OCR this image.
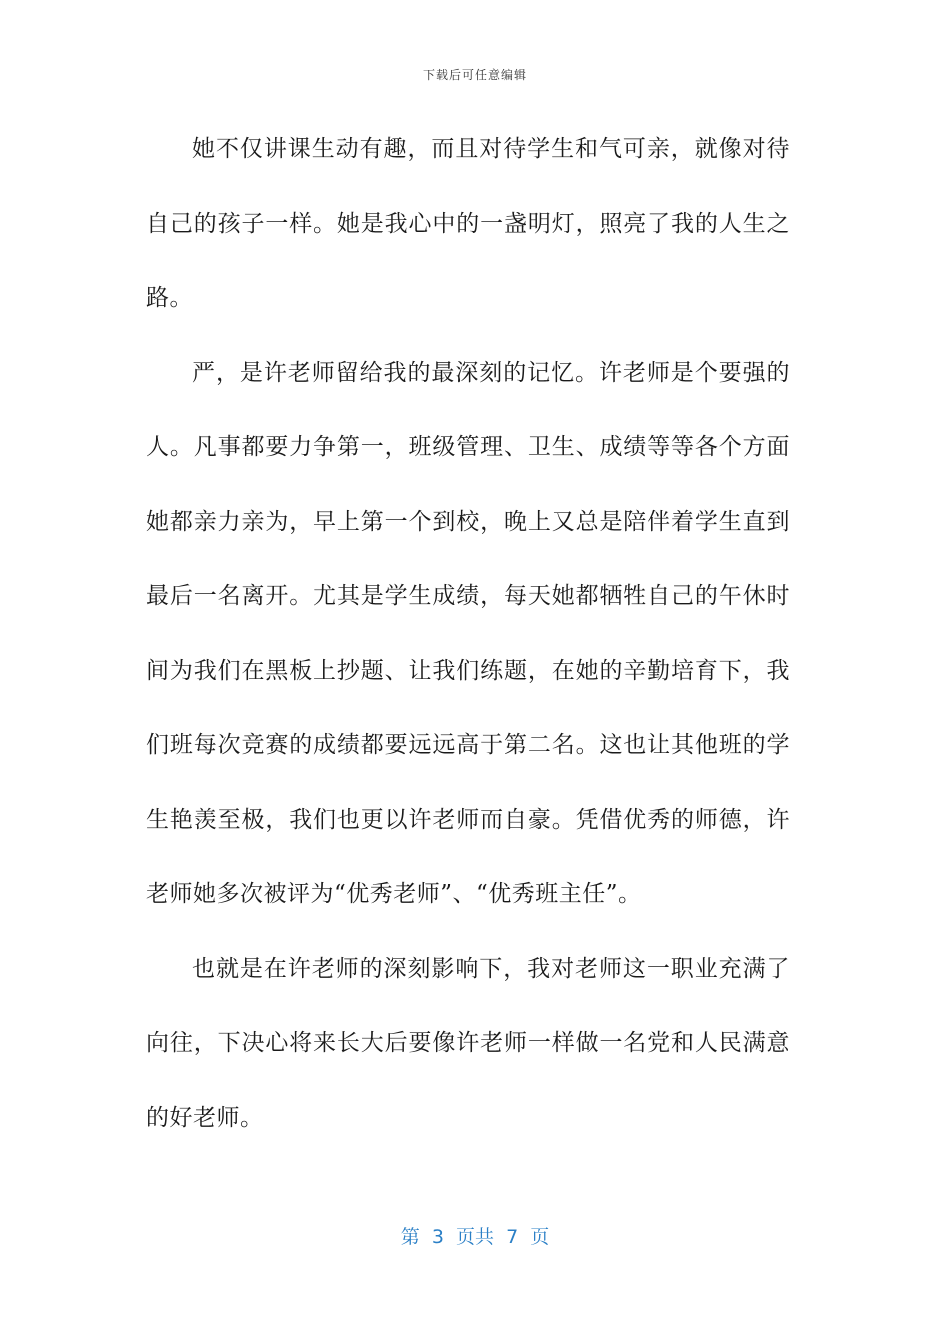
下载后可任意编辑

她不仅讲课生动有趣，而且对待学生和气可亲，就像对待自己的孩子一样。她是我心中的一盏明灯，照亮了我的人生之路。

严，是许老师留给我的最深刻的记忆。许老师是个要强的人。凡事都要力争第一，班级管理、卫生、成绩等等各个方面她都亲力亲为，早上第一个到校，晚上又总是陪伴着学生直到最后一名离开。尤其是学生成绩，每天她都牺牲自己的午休时间为我们在黑板上抄题、让我们练题，在她的辛勤培育下，我们班每次竞赛的成绩都要远远高于第二名。这也让其他班的学生艳羡至极，我们也更以许老师而自豪。凭借优秀的师德，许老师她多次被评为“优秀老师”、“优秀班主任”。

也就是在许老师的深刻影响下，我对老师这一职业充满了向往，下决心将来长大后要像许老师一样做一名党和人民满意的好老师。

第  3  页共  7  页
